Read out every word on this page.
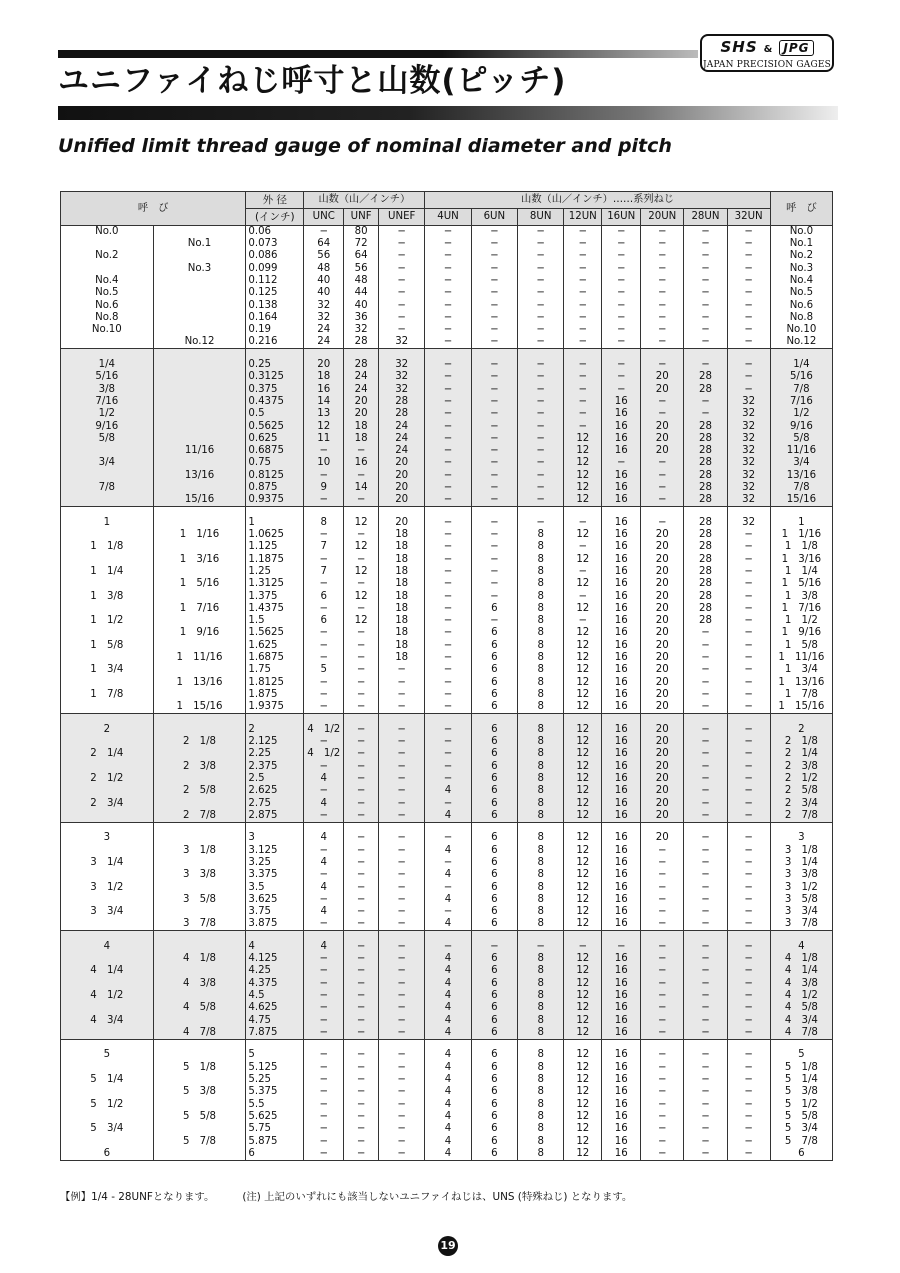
SHS & JPG
JAPAN PRECISION GAGES
ユニファイねじ呼寸と山数(ピッチ)
Unified limit thread gauge of nominal diameter and pitch
呼　び		外 径	山数（山／インチ）			山数（山／インチ）……系列ねじ								呼　び
		(インチ)	UNC	UNF	UNEF	4UN	6UN	8UN	12UN	16UN	20UN	28UN	32UN	
No.0		0.06	−	80	−	−	−	−	−	−	−	−	−	No.0
	No.1	0.073	64	72	−	−	−	−	−	−	−	−	−	No.1
No.2		0.086	56	64	−	−	−	−	−	−	−	−	−	No.2
	No.3	0.099	48	56	−	−	−	−	−	−	−	−	−	No.3
No.4		0.112	40	48	−	−	−	−	−	−	−	−	−	No.4
No.5		0.125	40	44	−	−	−	−	−	−	−	−	−	No.5
No.6		0.138	32	40	−	−	−	−	−	−	−	−	−	No.6
No.8		0.164	32	36	−	−	−	−	−	−	−	−	−	No.8
No.10		0.19	24	32	−	−	−	−	−	−	−	−	−	No.10
	No.12	0.216	24	28	32	−	−	−	−	−	−	−	−	No.12

1/4		0.25	20	28	32	−	−	−	−	−	−	−	−	1/4
5/16		0.3125	18	24	32	−	−	−	−	−	20	28	−	5/16
3/8		0.375	16	24	32	−	−	−	−	−	20	28	−	7/8
7/16		0.4375	14	20	28	−	−	−	−	16	−	−	32	7/16
1/2		0.5	13	20	28	−	−	−	−	16	−	−	32	1/2
9/16		0.5625	12	18	24	−	−	−	−	16	20	28	32	9/16
5/8		0.625	11	18	24	−	−	−	12	16	20	28	32	5/8
	11/16	0.6875	−	−	24	−	−	−	12	16	20	28	32	11/16
3/4		0.75	10	16	20	−	−	−	12	−	−	28	32	3/4
	13/16	0.8125	−	−	20	−	−	−	12	16	−	28	32	13/16
7/8		0.875	9	14	20	−	−	−	12	16	−	28	32	7/8
	15/16	0.9375	−	−	20	−	−	−	12	16	−	28	32	15/16

1		1	8	12	20	−	−	−	−	16	−	28	32	1
	1　1/16	1.0625	−	−	18	−	−	8	12	16	20	28	−	1　1/16
1　1/8		1.125	7	12	18	−	−	8	−	16	20	28	−	1　1/8
	1　3/16	1.1875	−	−	18	−	−	8	12	16	20	28	−	1　3/16
1　1/4		1.25	7	12	18	−	−	8	−	16	20	28	−	1　1/4
	1　5/16	1.3125	−	−	18	−	−	8	12	16	20	28	−	1　5/16
1　3/8		1.375	6	12	18	−	−	8	−	16	20	28	−	1　3/8
	1　7/16	1.4375	−	−	18	−	6	8	12	16	20	28	−	1　7/16
1　1/2		1.5	6	12	18	−	−	8	−	16	20	28	−	1　1/2
	1　9/16	1.5625	−	−	18	−	6	8	12	16	20	−	−	1　9/16
1　5/8		1.625	−	−	18	−	6	8	12	16	20	−	−	1　5/8
	1　11/16	1.6875	−	−	18	−	6	8	12	16	20	−	−	1　11/16
1　3/4		1.75	5	−	−	−	6	8	12	16	20	−	−	1　3/4
	1　13/16	1.8125	−	−	−	−	6	8	12	16	20	−	−	1　13/16
1　7/8		1.875	−	−	−	−	6	8	12	16	20	−	−	1　7/8
	1　15/16	1.9375	−	−	−	−	6	8	12	16	20	−	−	1　15/16

2		2	4　1/2	−	−	−	6	8	12	16	20	−	−	2
	2　1/8	2.125	−	−	−	−	6	8	12	16	20	−	−	2　1/8
2　1/4		2.25	4　1/2	−	−	−	6	8	12	16	20	−	−	2　1/4
	2　3/8	2.375	−	−	−	−	6	8	12	16	20	−	−	2　3/8
2　1/2		2.5	4	−	−	−	6	8	12	16	20	−	−	2　1/2
	2　5/8	2.625	−	−	−	4	6	8	12	16	20	−	−	2　5/8
2　3/4		2.75	4	−	−	−	6	8	12	16	20	−	−	2　3/4
	2　7/8	2.875	−	−	−	4	6	8	12	16	20	−	−	2　7/8

3		3	4	−	−	−	6	8	12	16	20	−	−	3
	3　1/8	3.125	−	−	−	4	6	8	12	16	−	−	−	3　1/8
3　1/4		3.25	4	−	−	−	6	8	12	16	−	−	−	3　1/4
	3　3/8	3.375	−	−	−	4	6	8	12	16	−	−	−	3　3/8
3　1/2		3.5	4	−	−	−	6	8	12	16	−	−	−	3　1/2
	3　5/8	3.625	−	−	−	4	6	8	12	16	−	−	−	3　5/8
3　3/4		3.75	4	−	−	−	6	8	12	16	−	−	−	3　3/4
	3　7/8	3.875	−	−	−	4	6	8	12	16	−	−	−	3　7/8

4		4	4	−	−	−	−	−	−	−	−	−	−	4
	4　1/8	4.125	−	−	−	4	6	8	12	16	−	−	−	4　1/8
4　1/4		4.25	−	−	−	4	6	8	12	16	−	−	−	4　1/4
	4　3/8	4.375	−	−	−	4	6	8	12	16	−	−	−	4　3/8
4　1/2		4.5	−	−	−	4	6	8	12	16	−	−	−	4　1/2
	4　5/8	4.625	−	−	−	4	6	8	12	16	−	−	−	4　5/8
4　3/4		4.75	−	−	−	4	6	8	12	16	−	−	−	4　3/4
	4　7/8	7.875	−	−	−	4	6	8	12	16	−	−	−	4　7/8

5		5	−	−	−	4	6	8	12	16	−	−	−	5
	5　1/8	5.125	−	−	−	4	6	8	12	16	−	−	−	5　1/8
5　1/4		5.25	−	−	−	4	6	8	12	16	−	−	−	5　1/4
	5　3/8	5.375	−	−	−	4	6	8	12	16	−	−	−	5　3/8
5　1/2		5.5	−	−	−	4	6	8	12	16	−	−	−	5　1/2
	5　5/8	5.625	−	−	−	4	6	8	12	16	−	−	−	5　5/8
5　3/4		5.75	−	−	−	4	6	8	12	16	−	−	−	5　3/4
	5　7/8	5.875	−	−	−	4	6	8	12	16	−	−	−	5　7/8
6		6	−	−	−	4	6	8	12	16	−	−	−	6
【例】1/4 - 28UNFとなります。	(注) 上記のいずれにも該当しないユニファイねじは、UNS (特殊ねじ) となります。
19
